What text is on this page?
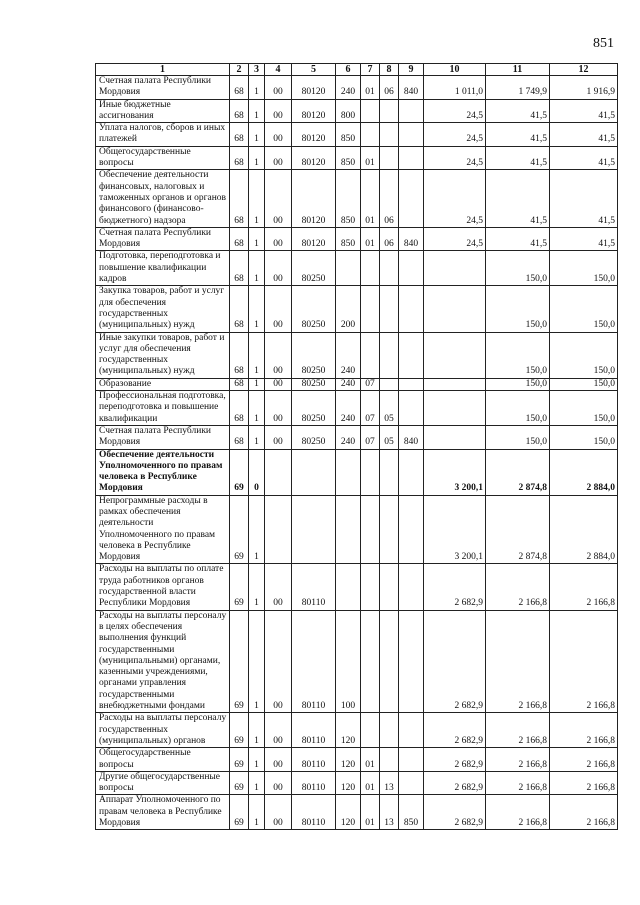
851
1	2	3	4	5	6	7	8	9	10	11	12
Счетная палата Республики Мордовия	68	1	00	80120	240	01	06	840	1 011,0	1 749,9	1 916,9
Иные бюджетные ассигнования	68	1	00	80120	800				24,5	41,5	41,5
Уплата налогов, сборов и иных платежей	68	1	00	80120	850				24,5	41,5	41,5
Общегосударственные вопросы	68	1	00	80120	850	01			24,5	41,5	41,5
Обеспечение деятельности финансовых, налоговых и таможенных органов и органов финансового (финансово-бюджетного) надзора	68	1	00	80120	850	01	06		24,5	41,5	41,5
Счетная палата Республики Мордовия	68	1	00	80120	850	01	06	840	24,5	41,5	41,5
Подготовка, переподготовка и повышение квалификации кадров	68	1	00	80250						150,0	150,0
Закупка товаров, работ и услуг для обеспечения государственных (муниципальных) нужд	68	1	00	80250	200					150,0	150,0
Иные закупки товаров, работ и услуг для обеспечения государственных (муниципальных) нужд	68	1	00	80250	240					150,0	150,0
Образование	68	1	00	80250	240	07				150,0	150,0
Профессиональная подготовка, переподготовка и повышение квалификации	68	1	00	80250	240	07	05			150,0	150,0
Счетная палата Республики Мордовия	68	1	00	80250	240	07	05	840		150,0	150,0
Обеспечение деятельности Уполномоченного по правам человека в Республике Мордовия	69	0							3 200,1	2 874,8	2 884,0
Непрограммные расходы в рамках обеспечения деятельности Уполномоченного по правам человека в Республике Мордовия	69	1							3 200,1	2 874,8	2 884,0
Расходы на выплаты по оплате труда работников органов государственной власти Республики Мордовия	69	1	00	80110					2 682,9	2 166,8	2 166,8
Расходы на выплаты персоналу в целях обеспечения выполнения функций государственными (муниципальными) органами, казенными учреждениями, органами управления государственными внебюджетными фондами	69	1	00	80110	100				2 682,9	2 166,8	2 166,8
Расходы на выплаты персоналу государственных (муниципальных) органов	69	1	00	80110	120				2 682,9	2 166,8	2 166,8
Общегосударственные вопросы	69	1	00	80110	120	01			2 682,9	2 166,8	2 166,8
Другие общегосударственные вопросы	69	1	00	80110	120	01	13		2 682,9	2 166,8	2 166,8
Аппарат Уполномоченного по правам человека в Республике Мордовия	69	1	00	80110	120	01	13	850	2 682,9	2 166,8	2 166,8
